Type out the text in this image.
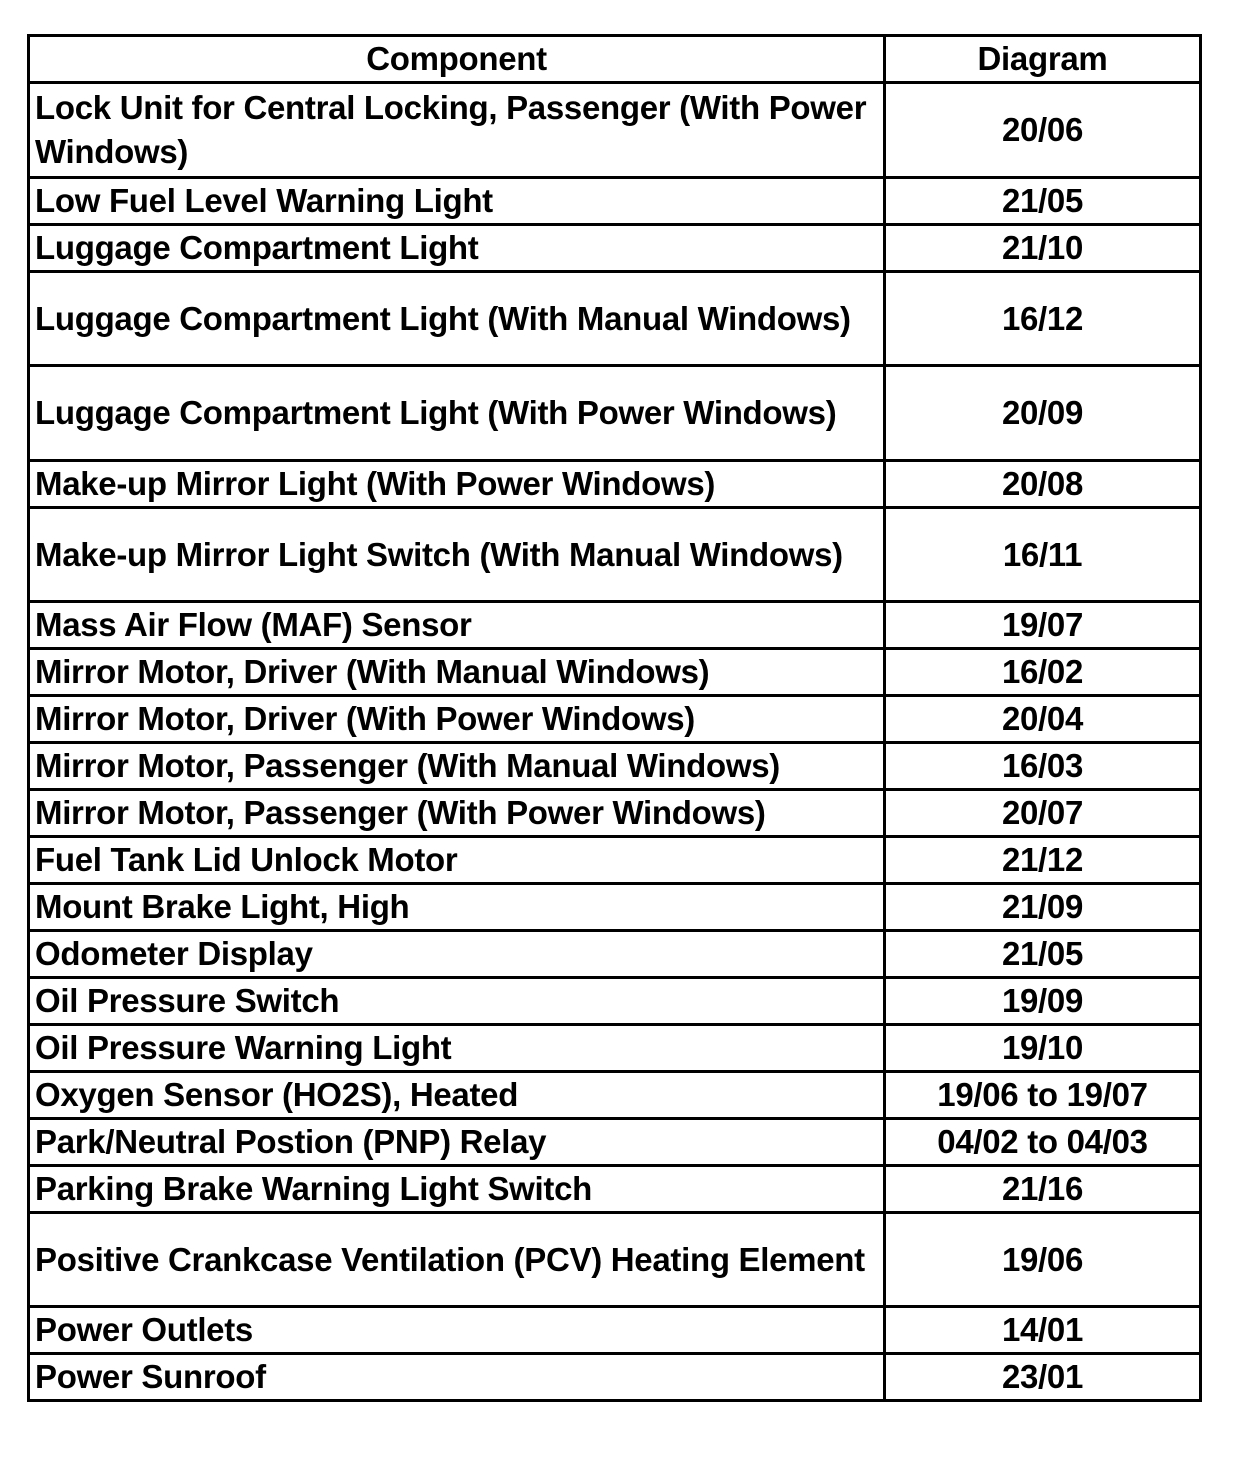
Component	Diagram
Lock Unit for Central Locking, Passenger (With Power Windows)	20/06
Low Fuel Level Warning Light	21/05
Luggage Compartment Light	21/10
Luggage Compartment Light (With Manual Windows)	16/12
Luggage Compartment Light (With Power Windows)	20/09
Make-up Mirror Light (With Power Windows)	20/08
Make-up Mirror Light Switch (With Manual Windows)	16/11
Mass Air Flow (MAF) Sensor	19/07
Mirror Motor, Driver (With Manual Windows)	16/02
Mirror Motor, Driver (With Power Windows)	20/04
Mirror Motor, Passenger (With Manual Windows)	16/03
Mirror Motor, Passenger (With Power Windows)	20/07
Fuel Tank Lid Unlock Motor	21/12
Mount Brake Light, High	21/09
Odometer Display	21/05
Oil Pressure Switch	19/09
Oil Pressure Warning Light	19/10
Oxygen Sensor (HO2S), Heated	19/06 to 19/07
Park/Neutral Postion (PNP) Relay	04/02 to 04/03
Parking Brake Warning Light Switch	21/16
Positive Crankcase Ventilation (PCV) Heating Element	19/06
Power Outlets	14/01
Power Sunroof	23/01
